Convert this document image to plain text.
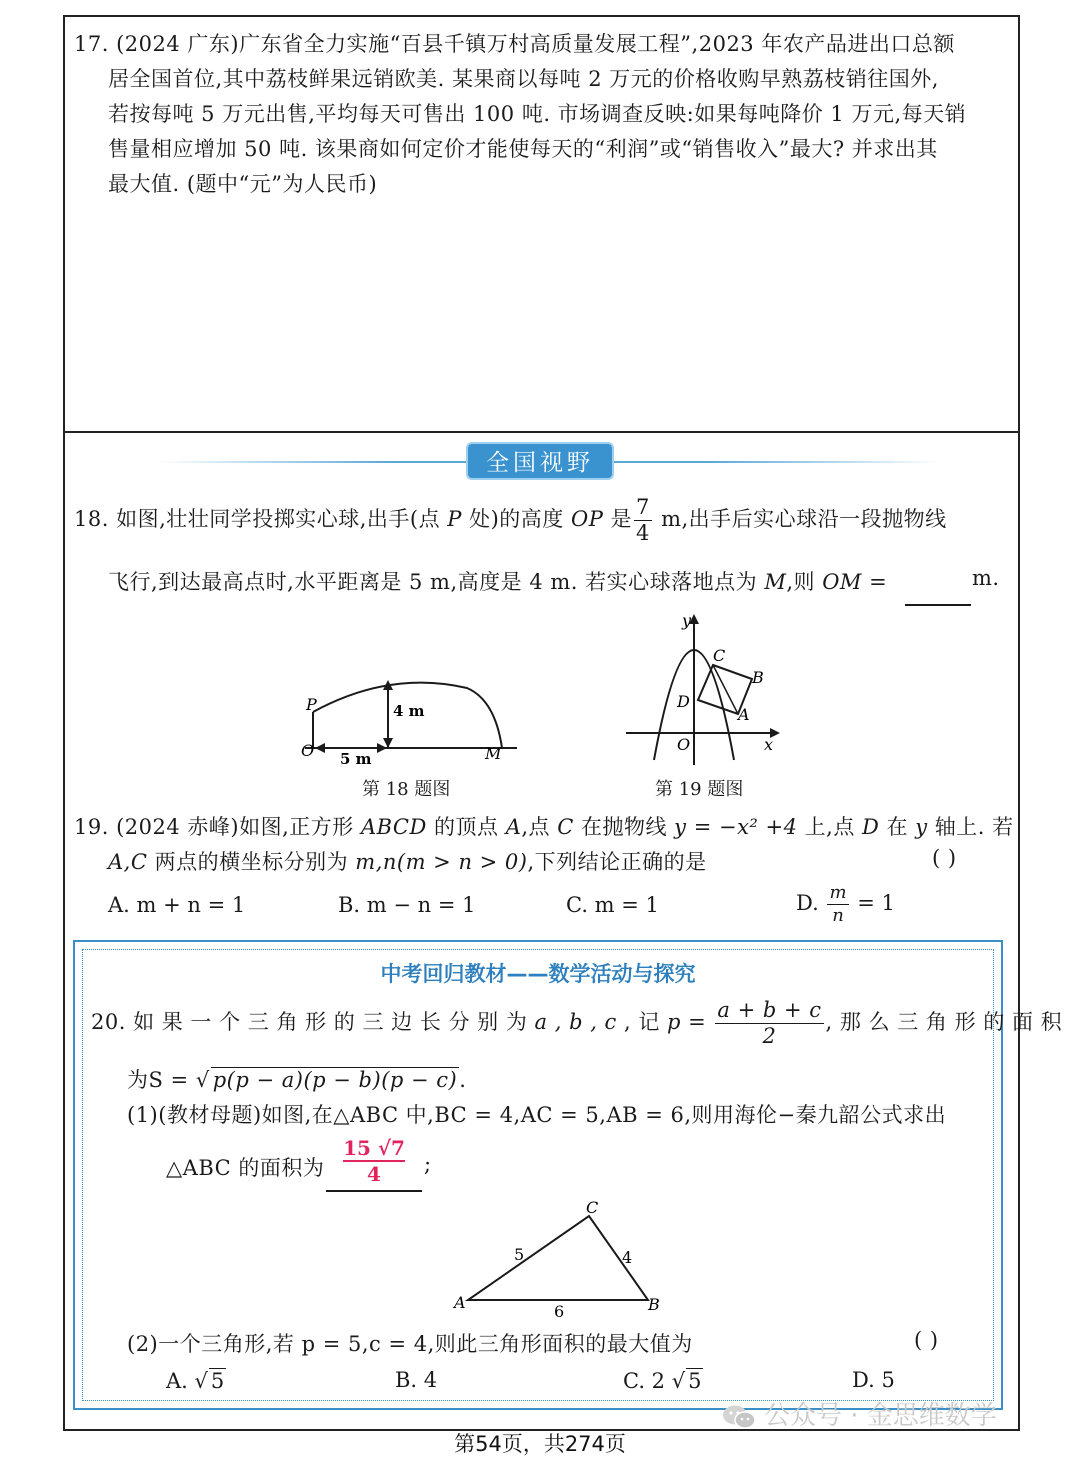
17. (2024 广东)广东省全力实施“百县千镇万村高质量发展工程”,2023 年农产品进出口总额
居全国首位,其中荔枝鲜果远销欧美. 某果商以每吨 2 万元的价格收购早熟荔枝销往国外,
若按每吨 5 万元出售,平均每天可售出 100 吨. 市场调查反映:如果每吨降价 1 万元,每天销
售量相应增加 50 吨. 该果商如何定价才能使每天的“利润”或“销售收入”最大? 并求出其
最大值. (题中“元”为人民币)
全国视野
18. 如图,壮壮同学投掷实心球,出手(点 P 处)的高度 OP 是 $\frac{7}{4} m$,出手后实心球沿一段抛物线
飞行,到达最高点时,水平距离是 5 m,高度是 4 m. 若实心球落地点为 M,则 OM =	m.
P
O	M
4 m
5 m
第 18 题图
y
x
O
C
B
A
D
第 19 题图
19. (2024 赤峰)如图,正方形 ABCD 的顶点 A,点 C 在抛物线 y = −x² +4 上,点 D 在 y 轴上. 若
A,C 两点的横坐标分别为 m,n(m > n > 0),下列结论正确的是	( )
A. m + n = 1	B. m − n = 1	C. m = 1	D. $\frac{m}{n} = 1$
中考回归教材——数学活动与探究
20. 如 果 一 个 三 角 形 的 三 边 长 分 别 为 a , b , c , 记 $p = \frac{a + b + c}{2}$ , 那 么 三 角 形 的 面 积
为S = √ p(p − a)(p − b)(p − c).
(1)(教材母题)如图,在△ABC 中,BC = 4,AC = 5,AB = 6,则用海伦−秦九韶公式求出
△ABC 的面积为 $\frac{15 √7}{4}$ ;
A	B
C
5	4
6
(2)一个三角形,若 p = 5,c = 4,则此三角形面积的最大值为	( )
A. √ 5	B. 4	C. 2 √ 5	D. 5
公众号 · 金思维数学
第54页，共274页
